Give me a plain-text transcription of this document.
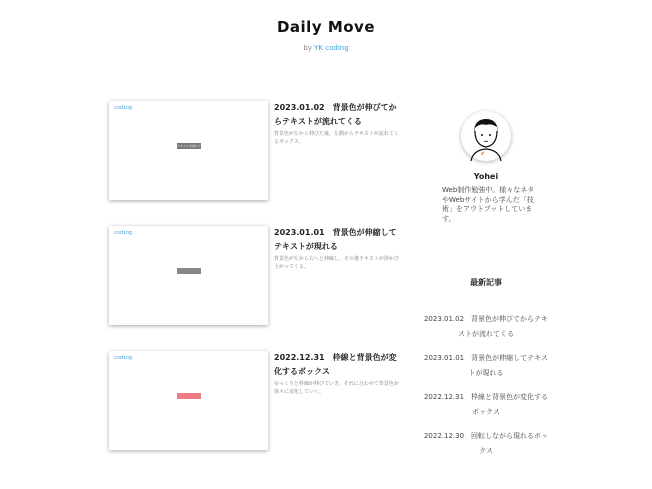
Daily Move
by YK coding
coding
テキストが流れてくる
2023.01.02　背景色が伸びてからテキストが流れてくる
背景色が左から伸びた後、左側からテキストが流れてくるボックス。
coding	2023.01.01　背景色が伸縮してテキストが現れる
背景色が左から右へと伸縮し、その後テキストが浮かび上がってくる。
coding	2022.12.31　枠線と背景色が変化するボックス
ゆっくりと枠線が伸びていき、それに合わせて背景色が徐々に変化していく。
Yohei
Web制作勉強中。様々なネタやWebサイトから学んだ「技術」をアウトプットしています。
最新記事
2023.01.02　背景色が伸びてからテキストが流れてくる
2023.01.01　背景色が伸縮してテキストが現れる
2022.12.31　枠線と背景色が変化するボックス
2022.12.30　回転しながら現れるボックス
